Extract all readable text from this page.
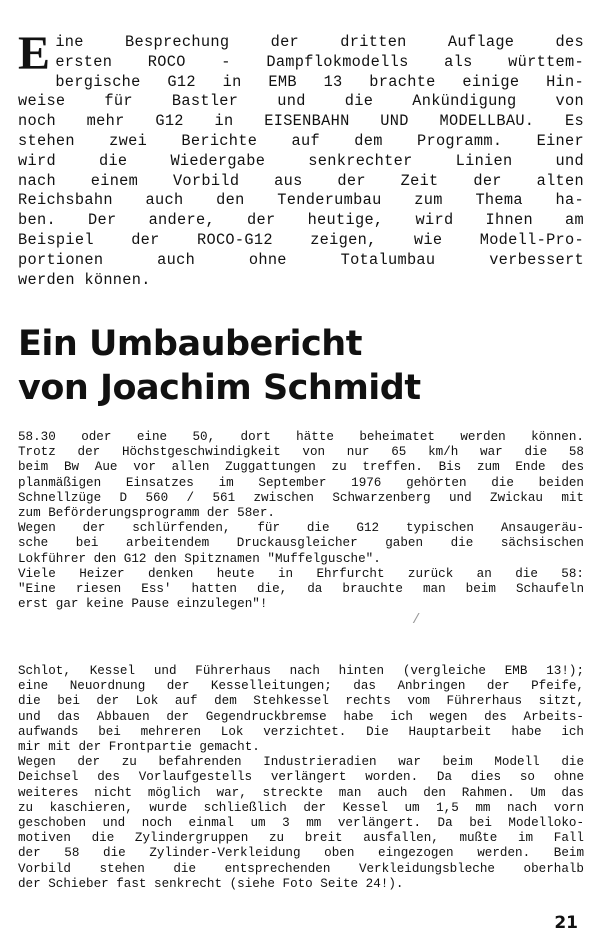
E ine Besprechung der dritten Auflage des
ersten ROCO - Dampflokmodells als württem-
bergische G12 in EMB 13 brachte einige Hin-
weise für Bastler und die Ankündigung von
noch mehr G12 in EISENBAHN UND MODELLBAU. Es
stehen zwei Berichte auf dem Programm. Einer
wird die Wiedergabe senkrechter Linien und
nach einem Vorbild aus der Zeit der alten
Reichsbahn auch den Tenderumbau zum Thema ha-
ben. Der andere, der heutige, wird Ihnen am
Beispiel der ROCO-G12 zeigen, wie Modell-Pro-
portionen auch ohne Totalumbau verbessert
werden können.
Ein Umbaubericht
von Joachim Schmidt
58.30 oder eine 50, dort hätte beheimatet werden können.
Trotz der Höchstgeschwindigkeit von nur 65 km/h war die 58
beim Bw Aue vor allen Zuggattungen zu treffen. Bis zum Ende des
planmäßigen Einsatzes im September 1976 gehörten die beiden
Schnellzüge D 560 / 561 zwischen Schwarzenberg und Zwickau mit
zum Beförderungsprogramm der 58er.
Wegen der schlürfenden, für die G12 typischen Ansaugeräu-
sche bei arbeitendem Druckausgleicher gaben die sächsischen
Lokführer den G12 den Spitznamen "Muffelgusche".
Viele Heizer denken heute in Ehrfurcht zurück an die 58:
"Eine riesen Ess' hatten die, da brauchte man beim Schaufeln
erst gar keine Pause einzulegen"!
/
Schlot, Kessel und Führerhaus nach hinten (vergleiche EMB 13!);
eine Neuordnung der Kesselleitungen; das Anbringen der Pfeife,
die bei der Lok auf dem Stehkessel rechts vom Führerhaus sitzt,
und das Abbauen der Gegendruckbremse habe ich wegen des Arbeits-
aufwands bei mehreren Lok verzichtet. Die Hauptarbeit habe ich
mir mit der Frontpartie gemacht.
Wegen der zu befahrenden Industrieradien war beim Modell die
Deichsel des Vorlaufgestells verlängert worden. Da dies so ohne
weiteres nicht möglich war, streckte man auch den Rahmen. Um das
zu kaschieren, wurde schließlich der Kessel um 1,5 mm nach vorn
geschoben und noch einmal um 3 mm verlängert. Da bei Modelloko-
motiven die Zylindergruppen zu breit ausfallen, mußte im Fall
der 58 die Zylinder-Verkleidung oben eingezogen werden. Beim
Vorbild stehen die entsprechenden Verkleidungsbleche oberhalb
der Schieber fast senkrecht (siehe Foto Seite 24!).

21
